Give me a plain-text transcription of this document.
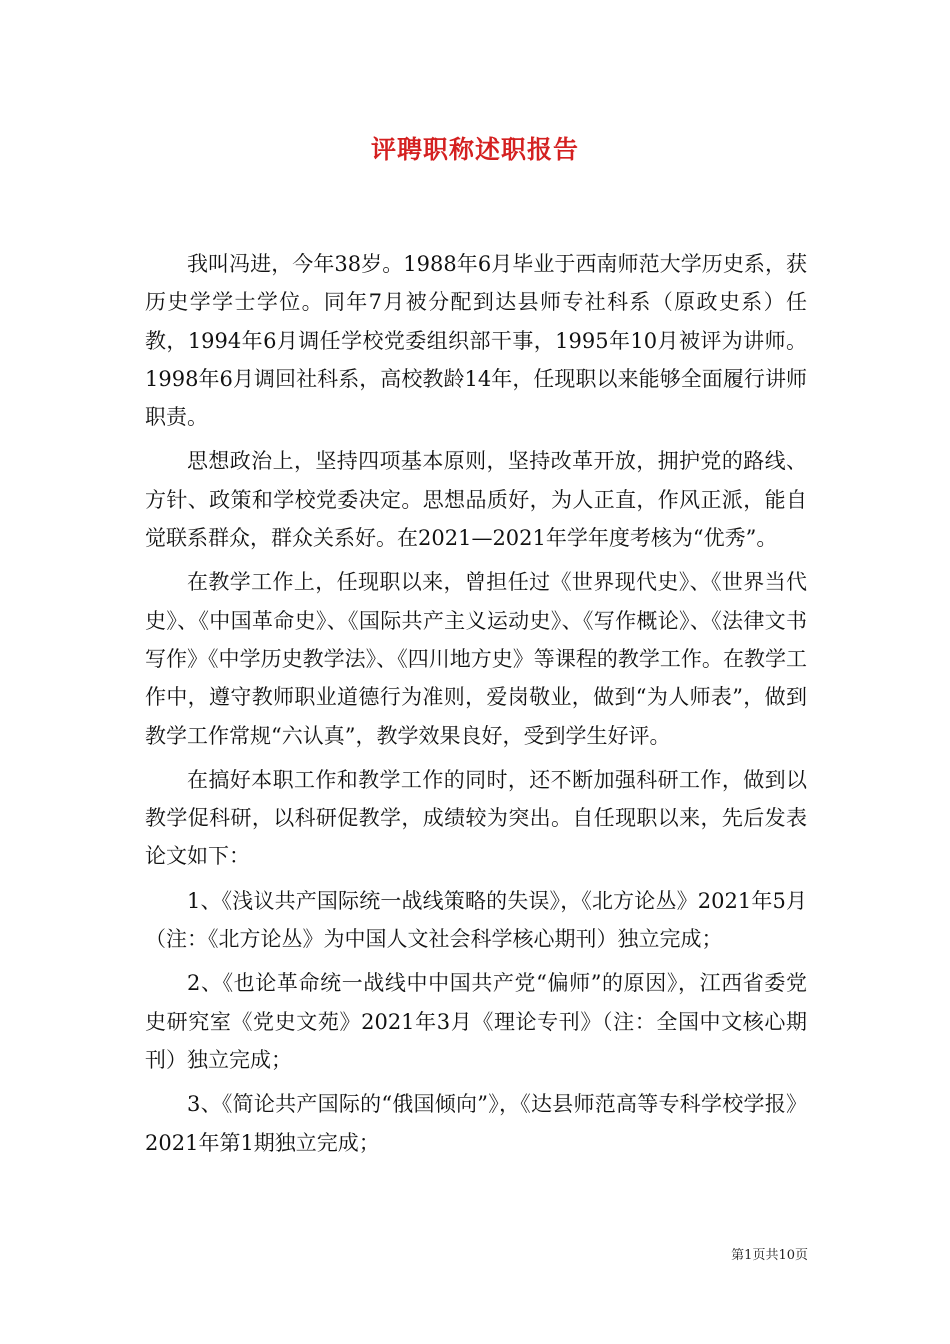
评聘职称述职报告

我叫冯进，今年38岁。1988年6月毕业于西南师范大学历史系，获历史学学士学位。同年7月被分配到达县师专社科系（原政史系）任教，1994年6月调任学校党委组织部干事，1995年10月被评为讲师。1998年6月调回社科系，高校教龄14年，任现职以来能够全面履行讲师职责。

思想政治上，坚持四项基本原则，坚持改革开放，拥护党的路线、方针、政策和学校党委决定。思想品质好，为人正直，作风正派，能自觉联系群众，群众关系好。在2021—2021年学年度考核为“优秀”。

在教学工作上，任现职以来，曾担任过《世界现代史》、《世界当代史》、《中国革命史》、《国际共产主义运动史》、《写作概论》、《法律文书写作》《中学历史教学法》、《四川地方史》等课程的教学工作。在教学工作中，遵守教师职业道德行为准则，爱岗敬业，做到“为人师表”，做到教学工作常规“六认真”，教学效果良好，受到学生好评。

在搞好本职工作和教学工作的同时，还不断加强科研工作，做到以教学促科研，以科研促教学，成绩较为突出。自任现职以来，先后发表论文如下：

1、《浅议共产国际统一战线策略的失误》，《北方论丛》2021年5月（注：《北方论丛》为中国人文社会科学核心期刊）独立完成；

2、《也论革命统一战线中中国共产党“偏师”的原因》，江西省委党史研究室《党史文苑》2021年3月《理论专刊》（注：全国中文核心期刊）独立完成；

3、《简论共产国际的“俄国倾向”》，《达县师范高等专科学校学报》2021年第1期独立完成；

第1页共10页
